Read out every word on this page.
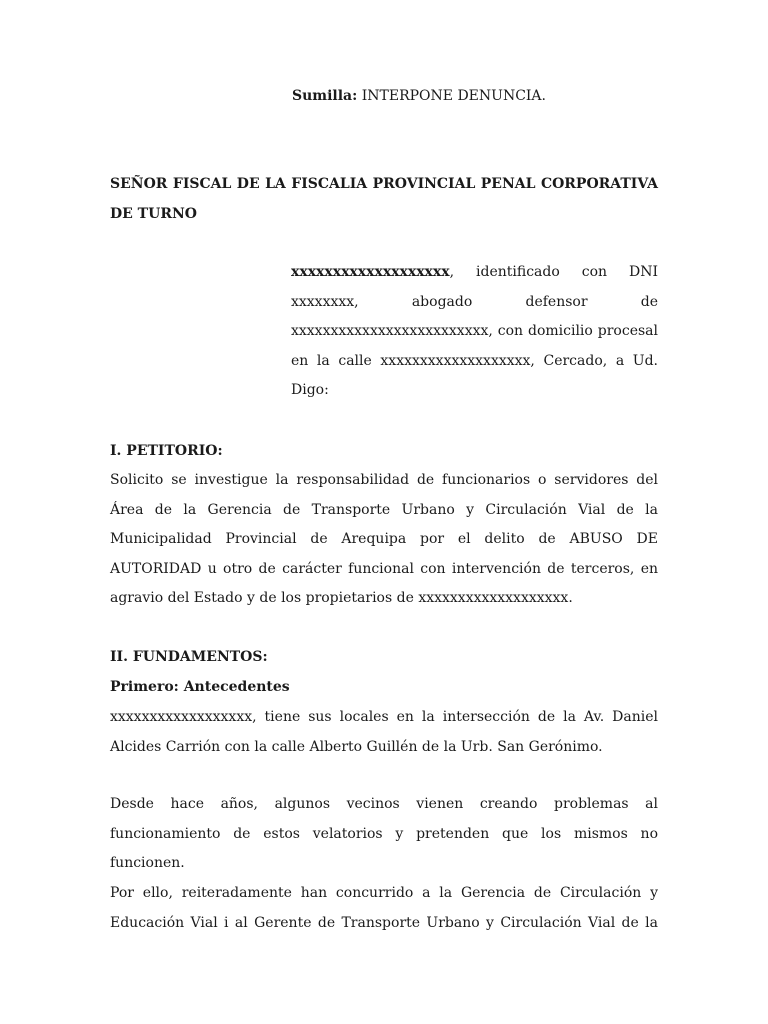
Sumilla: INTERPONE DENUNCIA.

SEÑOR FISCAL DE LA FISCALIA PROVINCIAL PENAL CORPORATIVA DE TURNO

xxxxxxxxxxxxxxxxxxx, identificado con DNI xxxxxxxx, abogado defensor de xxxxxxxxxxxxxxxxxxxxxxxxx, con domicilio procesal en la calle xxxxxxxxxxxxxxxxxxx, Cercado, a Ud. Digo:

I. PETITORIO:

Solicito se investigue la responsabilidad de funcionarios o servidores del Área de la Gerencia de Transporte Urbano y Circulación Vial de la Municipalidad Provincial de Arequipa por el delito de ABUSO DE AUTORIDAD u otro de carácter funcional con intervención de terceros, en agravio del Estado y de los propietarios de xxxxxxxxxxxxxxxxxxx.

II. FUNDAMENTOS:

Primero: Antecedentes

xxxxxxxxxxxxxxxxxx, tiene sus locales en la intersección de la Av. Daniel Alcides Carrión con la calle Alberto Guillén de la Urb. San Gerónimo.

Desde hace años, algunos vecinos vienen creando problemas al funcionamiento de estos velatorios y pretenden que los mismos no funcionen.

Por ello, reiteradamente han concurrido a la Gerencia de Circulación y Educación Vial i al Gerente de Transporte Urbano y Circulación Vial de la
